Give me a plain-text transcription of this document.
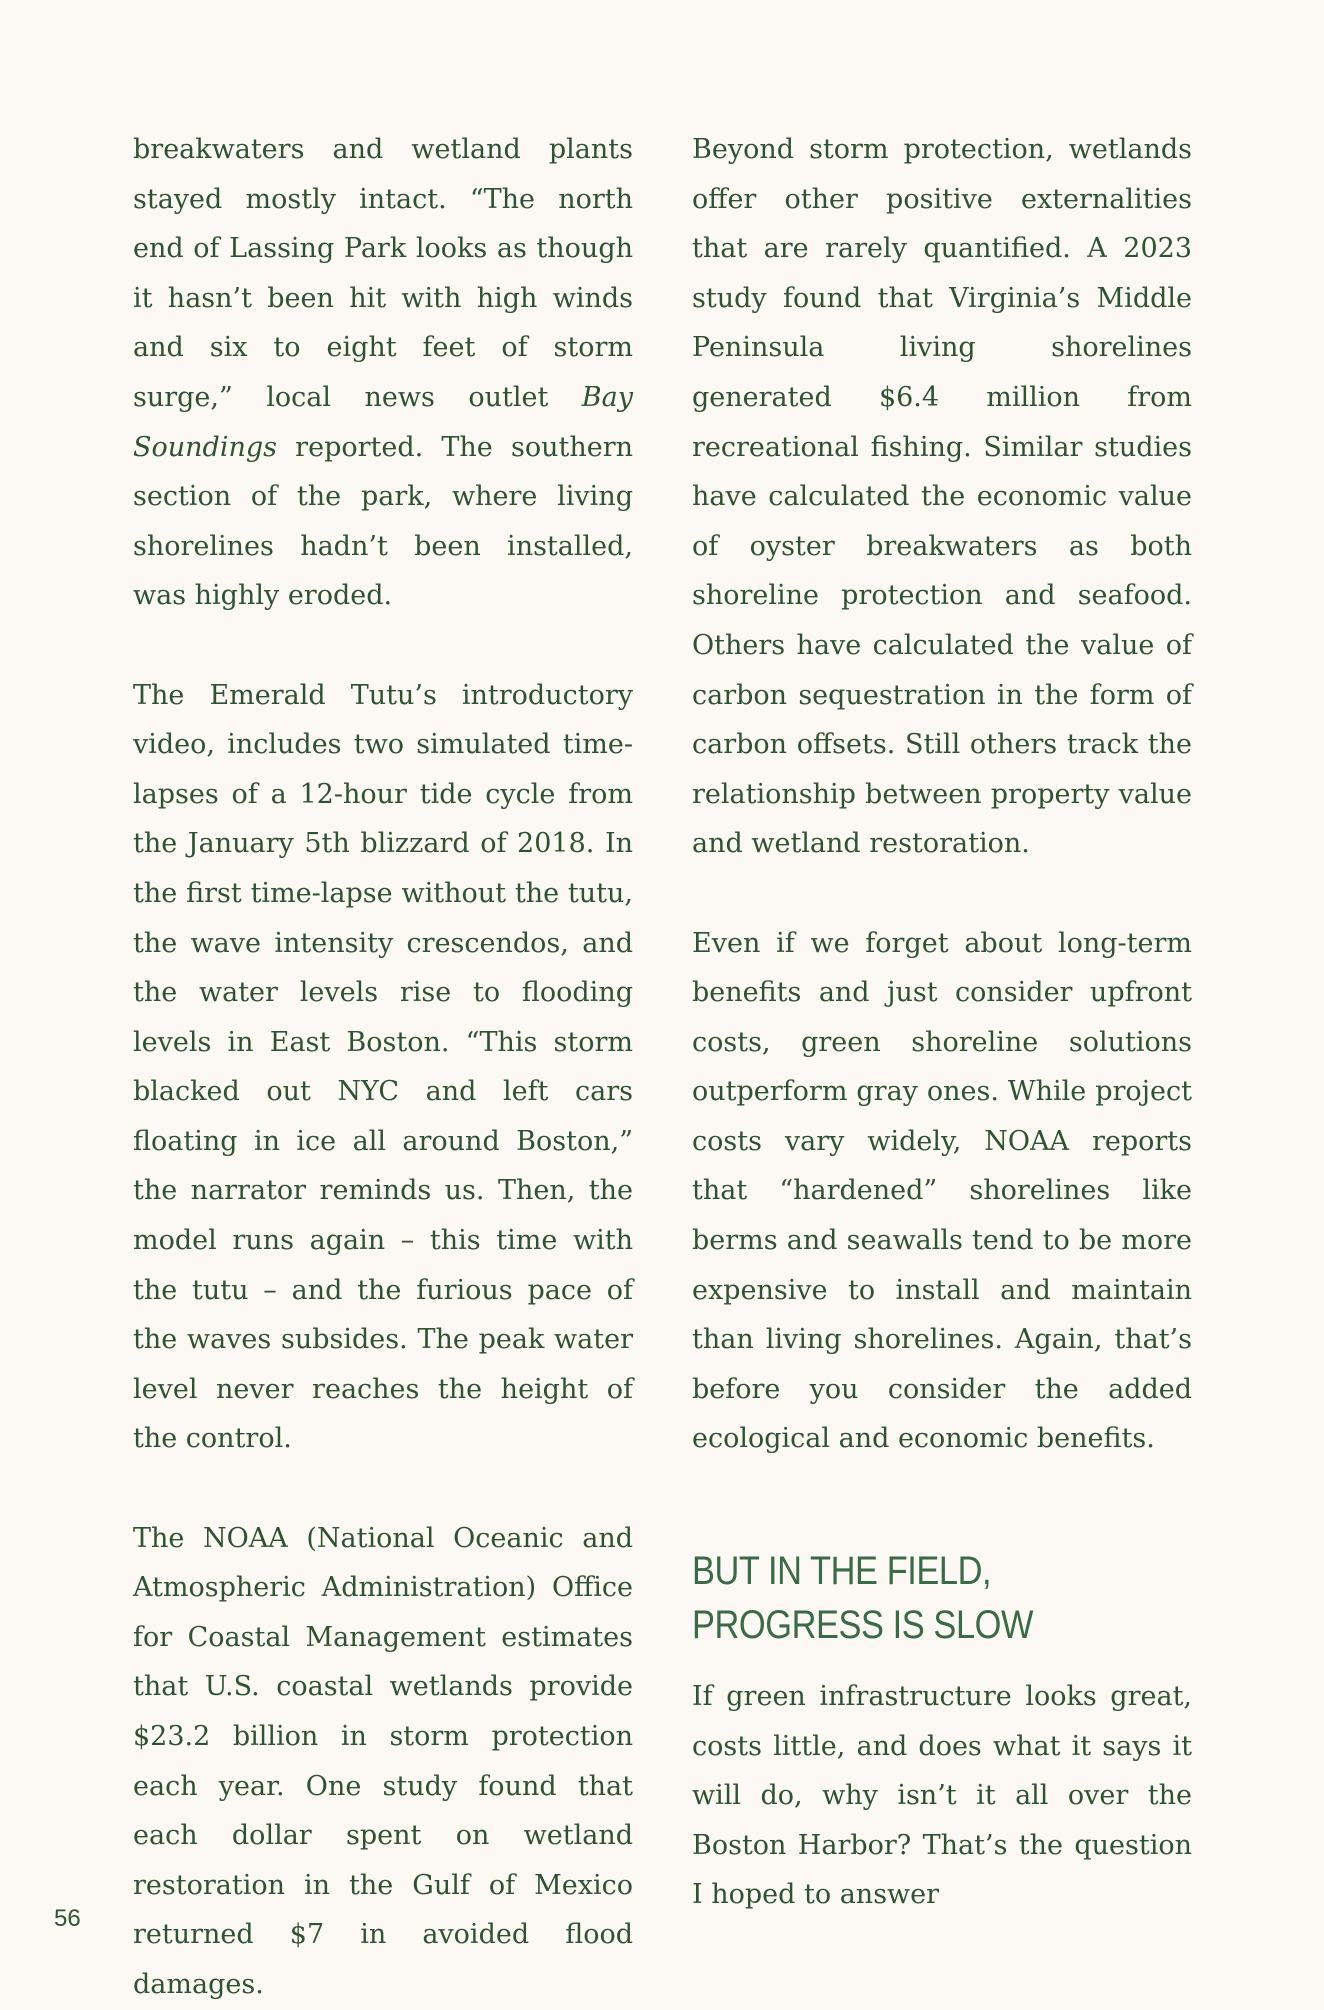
breakwaters and wetland plants stayed mostly intact. “The north end of Lassing Park looks as though it hasn’t been hit with high winds and six to eight feet of storm surge,” local news outlet Bay Soundings reported. The southern section of the park, where living shorelines hadn’t been installed, was highly eroded.

The Emerald Tutu’s introductory video, includes two simulated time-lapses of a 12-hour tide cycle from the January 5th blizzard of 2018. In the first time-lapse without the tutu, the wave intensity crescendos, and the water levels rise to flooding levels in East Boston. “This storm blacked out NYC and left cars floating in ice all around Boston,” the narrator reminds us. Then, the model runs again – this time with the tutu – and the furious pace of the waves subsides. The peak water level never reaches the height of the control.

The NOAA (National Oceanic and Atmospheric Administration) Office for Coastal Management estimates that U.S. coastal wetlands provide $23.2 billion in storm protection each year. One study found that each dollar spent on wetland restoration in the Gulf of Mexico returned $7 in avoided flood damages.

Beyond storm protection, wetlands offer other positive externalities that are rarely quantified. A 2023 study found that Virginia’s Middle Peninsula living shorelines generated $6.4 million from recreational fishing. Similar studies have calculated the economic value of oyster breakwaters as both shoreline protection and seafood. Others have calculated the value of carbon sequestration in the form of carbon offsets. Still others track the relationship between property value and wetland restoration.

Even if we forget about long-term benefits and just consider upfront costs, green shoreline solutions outperform gray ones. While project costs vary widely, NOAA reports that “hardened” shorelines like berms and seawalls tend to be more expensive to install and maintain than living shorelines. Again, that’s before you consider the added ecological and economic benefits.

BUT IN THE FIELD, PROGRESS IS SLOW

If green infrastructure looks great, costs little, and does what it says it will do, why isn’t it all over the Boston Harbor? That’s the question I hoped to answer

56
